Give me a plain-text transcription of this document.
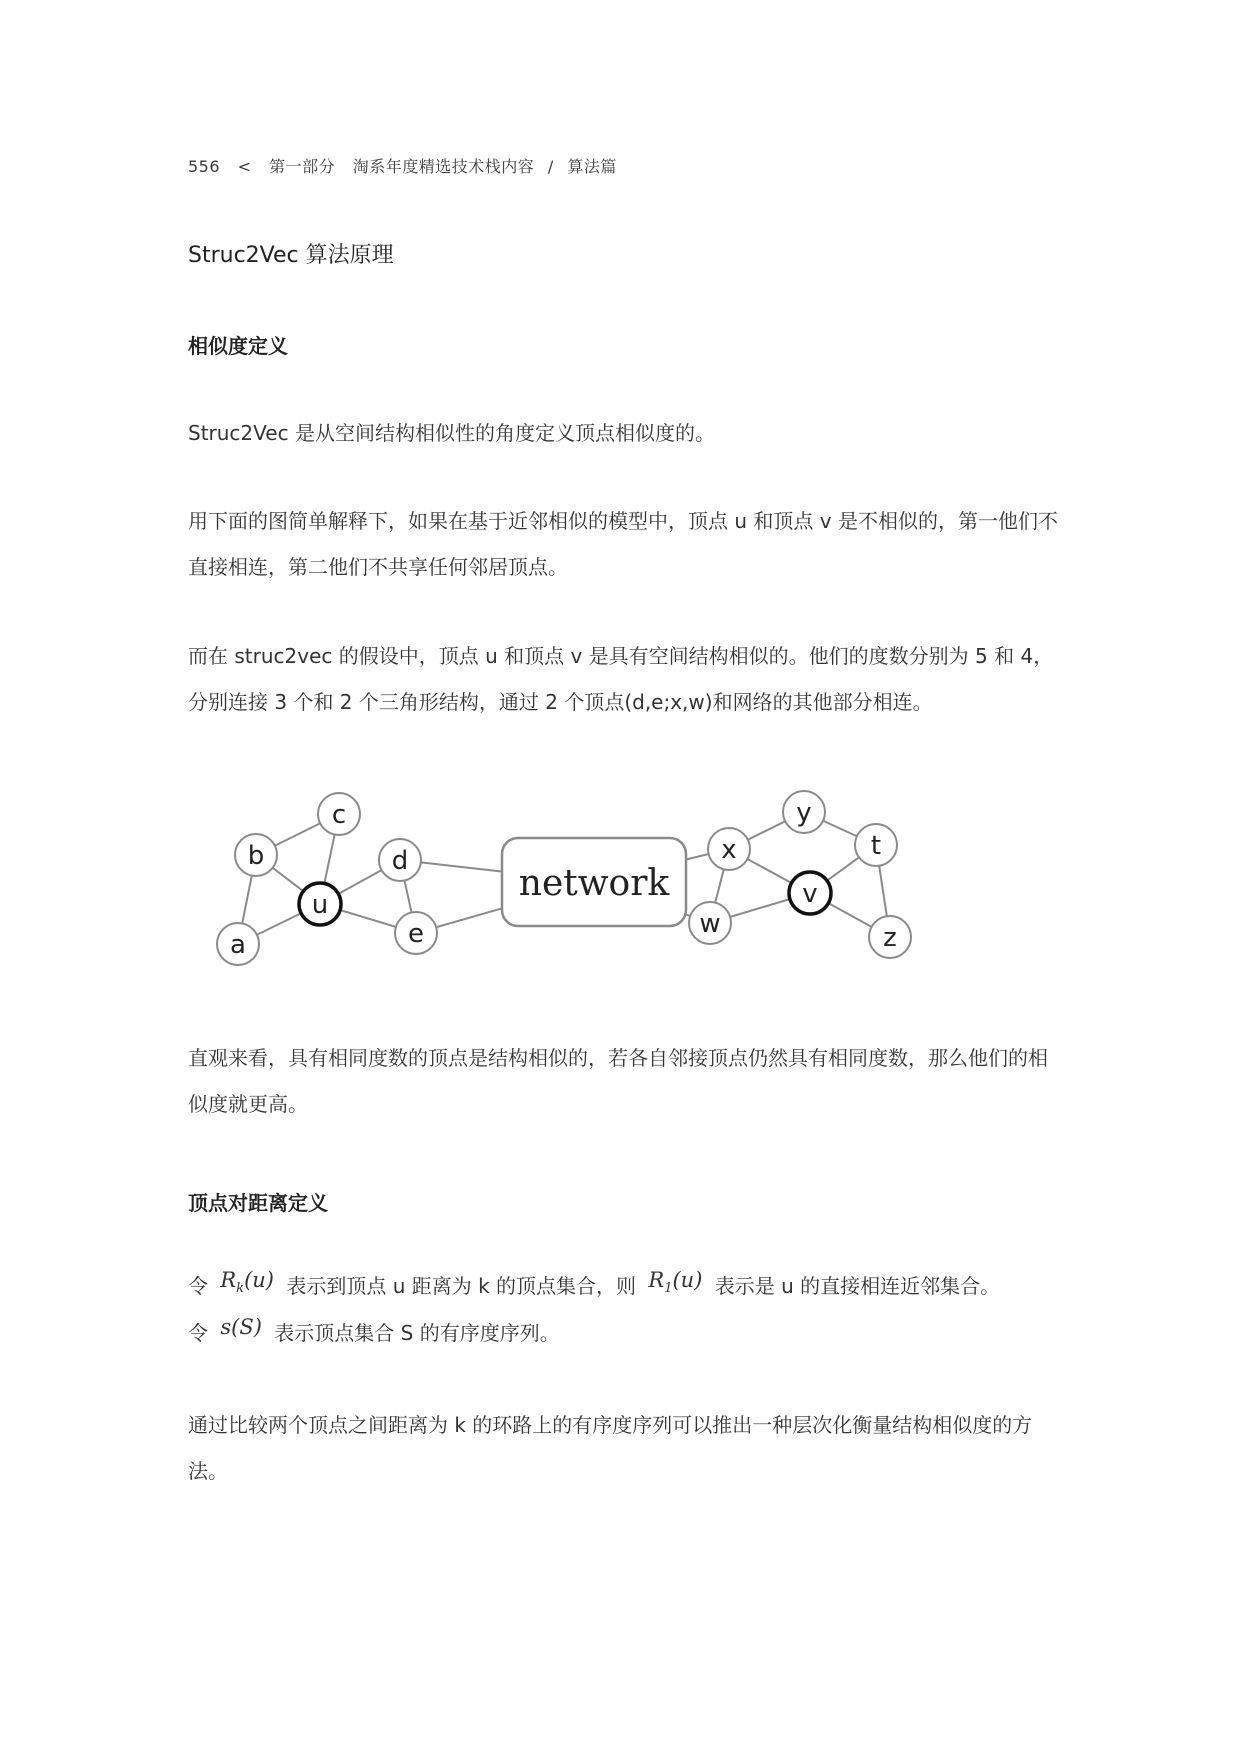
556 < 第一部分 淘系年度精选技术栈内容 / 算法篇
Struc2Vec 算法原理
相似度定义
Struc2Vec 是从空间结构相似性的角度定义顶点相似度的。
用下面的图简单解释下，如果在基于近邻相似的模型中，顶点 u 和顶点 v 是不相似的，第一他们不直接相连，第二他们不共享任何邻居顶点。
而在 struc2vec 的假设中，顶点 u 和顶点 v 是具有空间结构相似的。他们的度数分别为 5 和 4，分别连接 3 个和 2 个三角形结构，通过 2 个顶点(d,e;x,w)和网络的其他部分相连。
network
a
b
c
u
d
e
x
w
y
t
v
z
直观来看，具有相同度数的顶点是结构相似的，若各自邻接顶点仍然具有相同度数，那么他们的相似度就更高。
顶点对距离定义
令 $R_k(u)$ 表示到顶点 u 距离为 k 的顶点集合，则 $R_1(u)$ 表示是 u 的直接相连近邻集合。
令 s(S) 表示顶点集合 S 的有序度序列。
通过比较两个顶点之间距离为 k 的环路上的有序度序列可以推出一种层次化衡量结构相似度的方法。
